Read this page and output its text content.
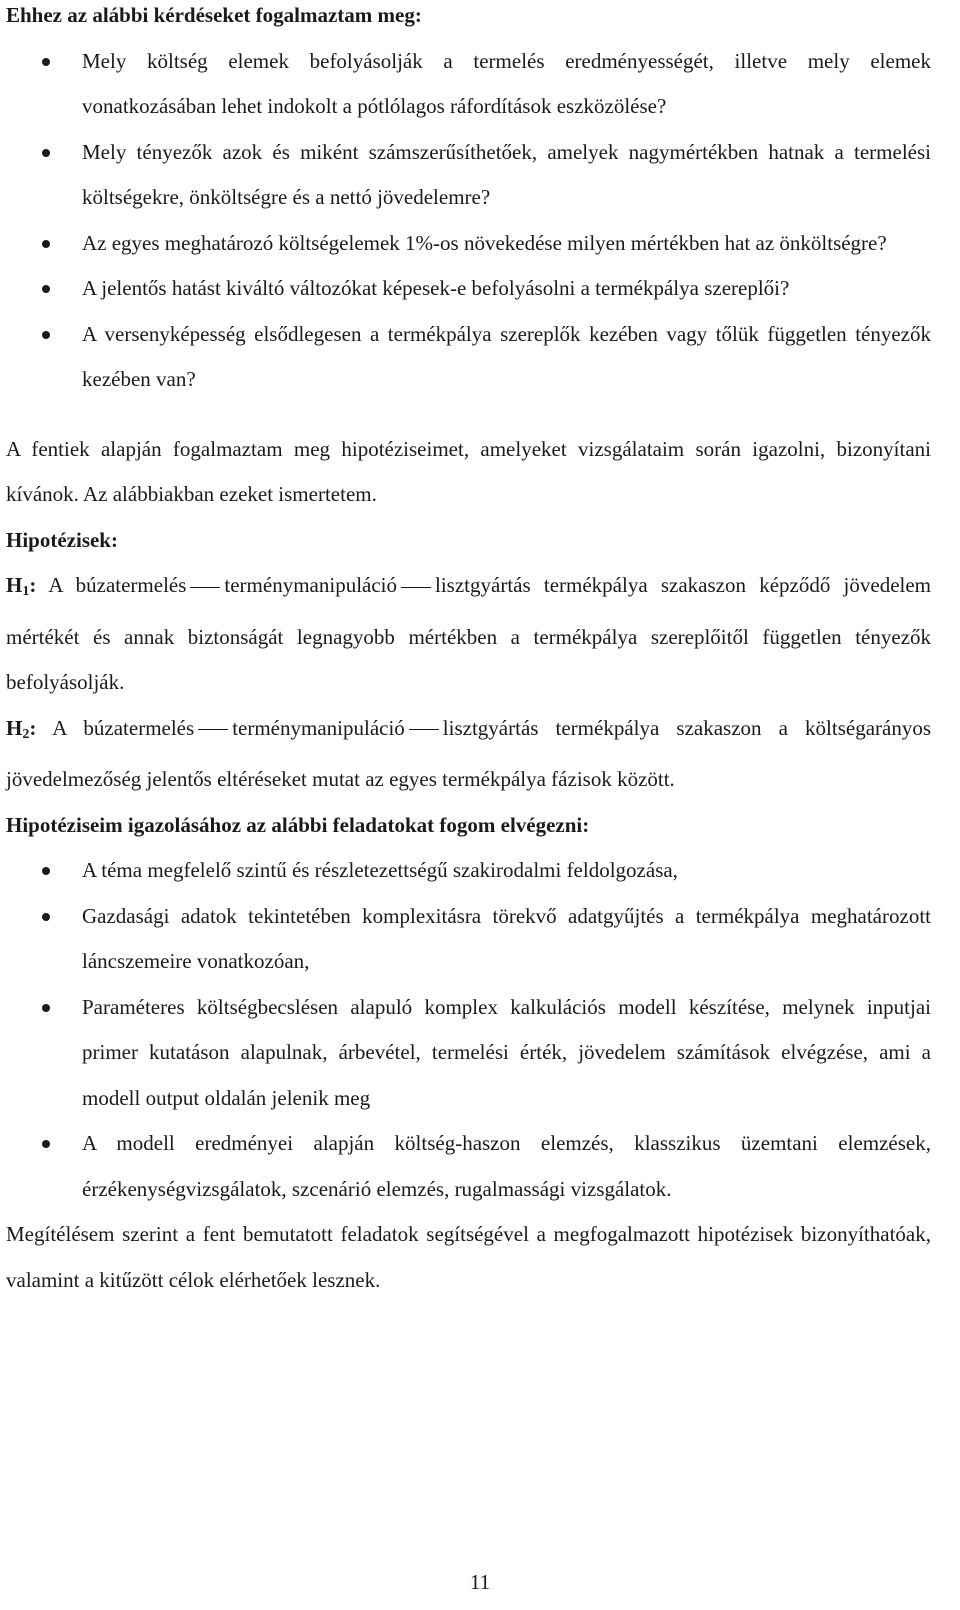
Ehhez az alábbi kérdéseket fogalmaztam meg:

Mely költség elemek befolyásolják a termelés eredményességét, illetve mely elemek vonatkozásában lehet indokolt a pótlólagos ráfordítások eszközölése?
Mely tényezők azok és miként számszerűsíthetőek, amelyek nagymértékben hatnak a termelési költségekre, önköltségre és a nettó jövedelemre?
Az egyes meghatározó költségelemek 1%-os növekedése milyen mértékben hat az önköltségre?
A jelentős hatást kiváltó változókat képesek-e befolyásolni a termékpálya szereplői?
A versenyképesség elsődlegesen a termékpálya szereplők kezében vagy tőlük független tényezők kezében van?

A fentiek alapján fogalmaztam meg hipotéziseimet, amelyeket vizsgálataim során igazolni, bizonyítani kívánok. Az alábbiakban ezeket ismertetem.

Hipotézisek:

$H_1$: A búzatermelés terménymanipuláció lisztgyártás termékpálya szakaszon képződő jövedelem mértékét és annak biztonságát legnagyobb mértékben a termékpálya szereplőitől független tényezők befolyásolják.

$H_2$: A búzatermelés terménymanipuláció lisztgyártás termékpálya szakaszon a költségarányos jövedelmezőség jelentős eltéréseket mutat az egyes termékpálya fázisok között.

Hipotéziseim igazolásához az alábbi feladatokat fogom elvégezni:

A téma megfelelő szintű és részletezettségű szakirodalmi feldolgozása,
Gazdasági adatok tekintetében komplexitásra törekvő adatgyűjtés a termékpálya meghatározott láncszemeire vonatkozóan,
Paraméteres költségbecslésen alapuló komplex kalkulációs modell készítése, melynek inputjai primer kutatáson alapulnak, árbevétel, termelési érték, jövedelem számítások elvégzése, ami a modell output oldalán jelenik meg
A modell eredményei alapján költség-haszon elemzés, klasszikus üzemtani elemzések, érzékenységvizsgálatok, szcenárió elemzés, rugalmassági vizsgálatok.

Megítélésem szerint a fent bemutatott feladatok segítségével a megfogalmazott hipotézisek bizonyíthatóak, valamint a kitűzött célok elérhetőek lesznek.

11
